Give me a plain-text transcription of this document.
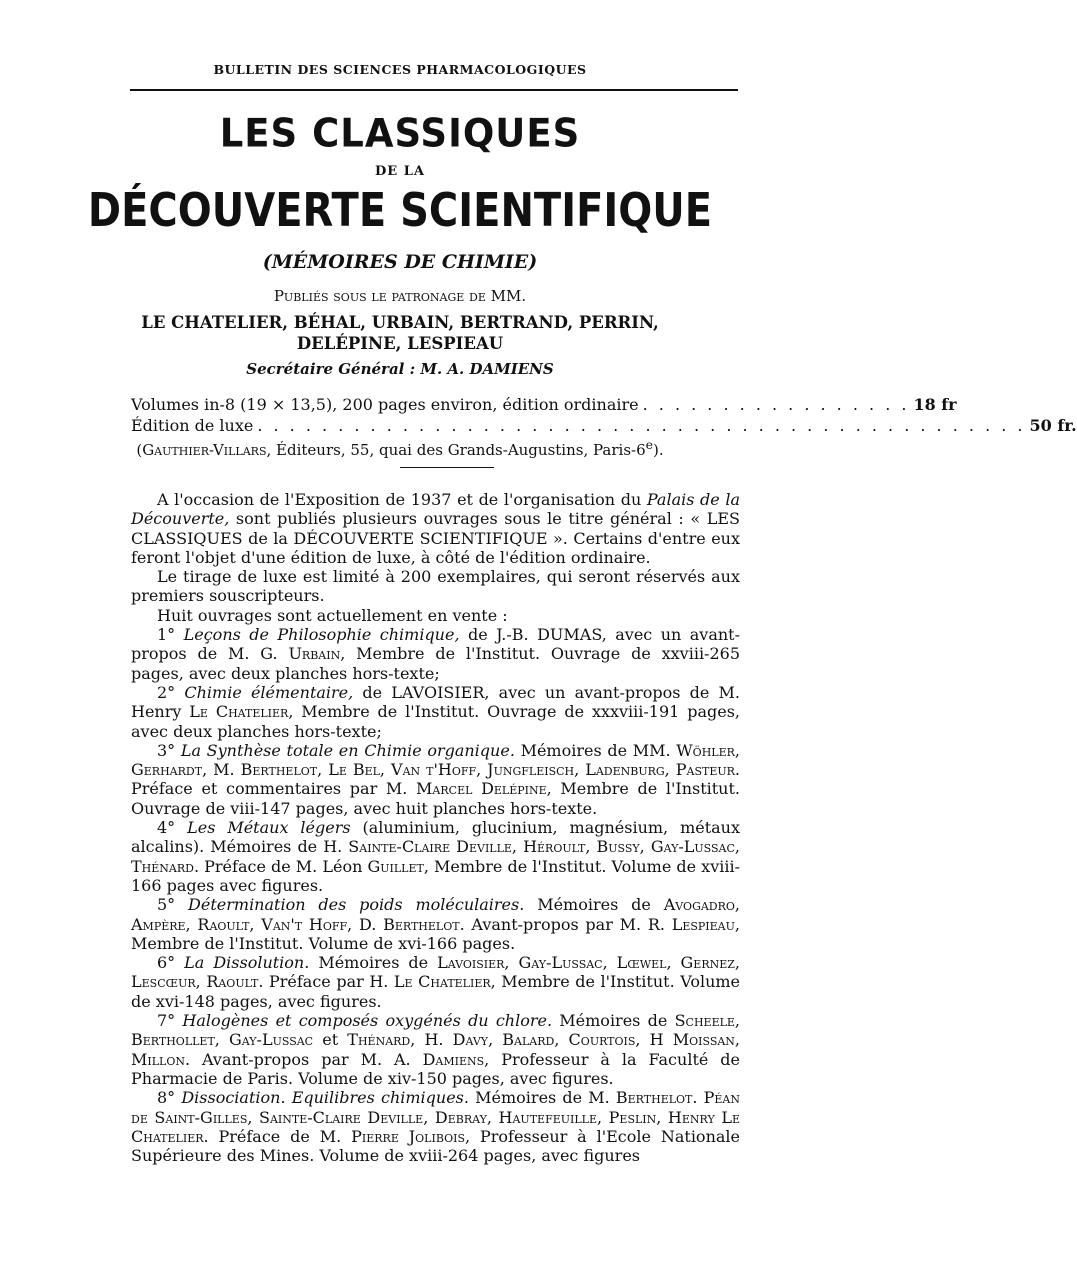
BULLETIN DES SCIENCES PHARMACOLOGIQUES
LES CLASSIQUES
DE LA
DÉCOUVERTE SCIENTIFIQUE
(MÉMOIRES DE CHIMIE)
Publiés sous le patronage de MM.
LE CHATELIER, BÉHAL, URBAIN, BERTRAND, PERRIN,
DELÉPINE, LESPIEAU
Secrétaire Général : M. A. DAMIENS
Volumes in-8 (19 × 13,5), 200 pages environ, édition ordinaire . . . . . . . . . . . . . . . . . 18 fr
Édition de luxe . . . . . . . . . . . . . . . . . . . . . . . . . . . . . . . . . . . . . . . . . . . . . . . . 50 fr.
(Gauthier-Villars, Éditeurs, 55, quai des Grands-Augustins, Paris-6e).

A l'occasion de l'Exposition de 1937 et de l'organisation du Palais de la Découverte, sont publiés plusieurs ouvrages sous le titre général : « LES CLASSIQUES de la DÉCOUVERTE SCIENTIFIQUE ». Certains d'entre eux feront l'objet d'une édition de luxe, à côté de l'édition ordinaire.

Le tirage de luxe est limité à 200 exemplaires, qui seront réservés aux premiers souscripteurs.

Huit ouvrages sont actuellement en vente :

1° Leçons de Philosophie chimique, de J.-B. DUMAS, avec un avant-propos de M. G. Urbain, Membre de l'Institut. Ouvrage de xxviii-265 pages, avec deux planches hors-texte;

2° Chimie élémentaire, de LAVOISIER, avec un avant-propos de M. Henry Le Chatelier, Membre de l'Institut. Ouvrage de xxxviii-191 pages, avec deux planches hors-texte;

3° La Synthèse totale en Chimie organique. Mémoires de MM. Wöhler, Gerhardt, M. Berthelot, Le Bel, Van t'Hoff, Jungfleisch, Ladenburg, Pasteur. Préface et commentaires par M. Marcel Delépine, Membre de l'Institut. Ouvrage de viii-147 pages, avec huit planches hors-texte.

4° Les Métaux légers (aluminium, glucinium, magnésium, métaux alcalins). Mémoires de H. Sainte-Claire Deville, Héroult, Bussy, Gay-Lussac, Thénard. Préface de M. Léon Guillet, Membre de l'Institut. Volume de xviii-166 pages avec figures.

5° Détermination des poids moléculaires. Mémoires de Avogadro, Ampère, Raoult, Van't Hoff, D. Berthelot. Avant-propos par M. R. Lespieau, Membre de l'Institut. Volume de xvi-166 pages.

6° La Dissolution. Mémoires de Lavoisier, Gay-Lussac, Lœwel, Gernez, Lescœur, Raoult. Préface par H. Le Chatelier, Membre de l'Institut. Volume de xvi-148 pages, avec figures.

7° Halogènes et composés oxygénés du chlore. Mémoires de Scheele, Berthollet, Gay-Lussac et Thénard, H. Davy, Balard, Courtois, H Moissan, Millon. Avant-propos par M. A. Damiens, Professeur à la Faculté de Pharmacie de Paris. Volume de xiv-150 pages, avec figures.

8° Dissociation. Equilibres chimiques. Mémoires de M. Berthelot. Péan de Saint-Gilles, Sainte-Claire Deville, Debray, Hautefeuille, Peslin, Henry Le Chatelier. Préface de M. Pierre Jolibois, Professeur à l'Ecole Nationale Supérieure des Mines. Volume de xviii-264 pages, avec figures
